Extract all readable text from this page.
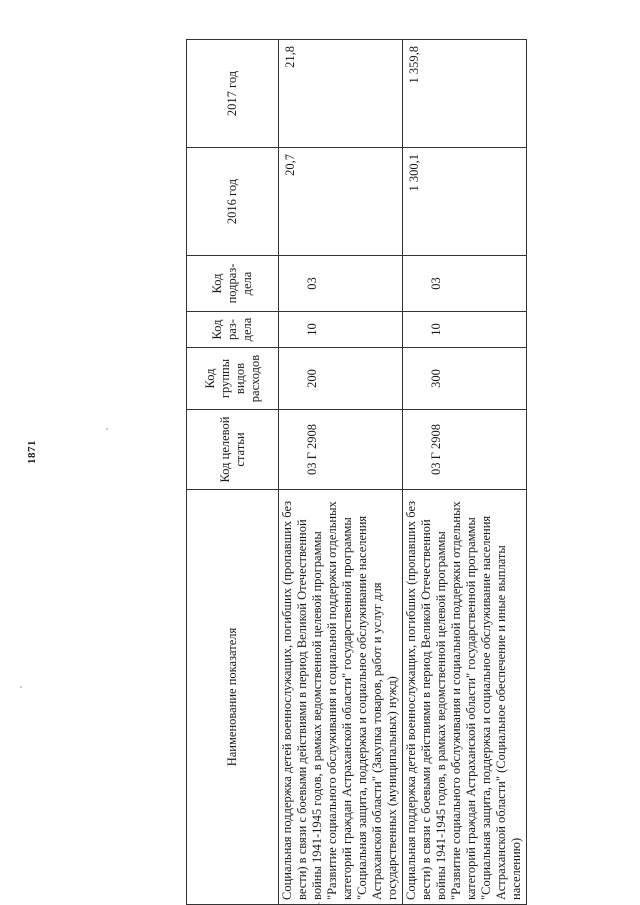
1871
Наименование показателя	Код целевой статьи	Код группы видов расходов	Код раз- дела	Код подраз- дела	2016 год	2017 год
Социальная поддержка детей военнослужащих, погибших (пропавших без вести) в связи с боевыми действиями в период Великой Отечественной войны 1941-1945 годов, в рамках ведомственной целевой программы "Развитие социального обслуживания и социальной поддержки отдельных категорий граждан Астраханской области" государственной программы "Социальная защита, поддержка и социальное обслуживание населения Астраханской области" (Закупка товаров, работ и услуг для государственных (муниципальных) нужд)	03 Г 2908	200	10	03	20,7	21,8
Социальная поддержка детей военнослужащих, погибших (пропавших без вести) в связи с боевыми действиями в период Великой Отечественной войны 1941-1945 годов, в рамках ведомственной целевой программы "Развитие социального обслуживания и социальной поддержки отдельных категорий граждан Астраханской области" государственной программы "Социальная защита, поддержка и социальное обслуживание населения Астраханской области" (Социальное обеспечение и иные выплаты населению)	03 Г 2908	300	10	03	1 300,1	1 359,8
